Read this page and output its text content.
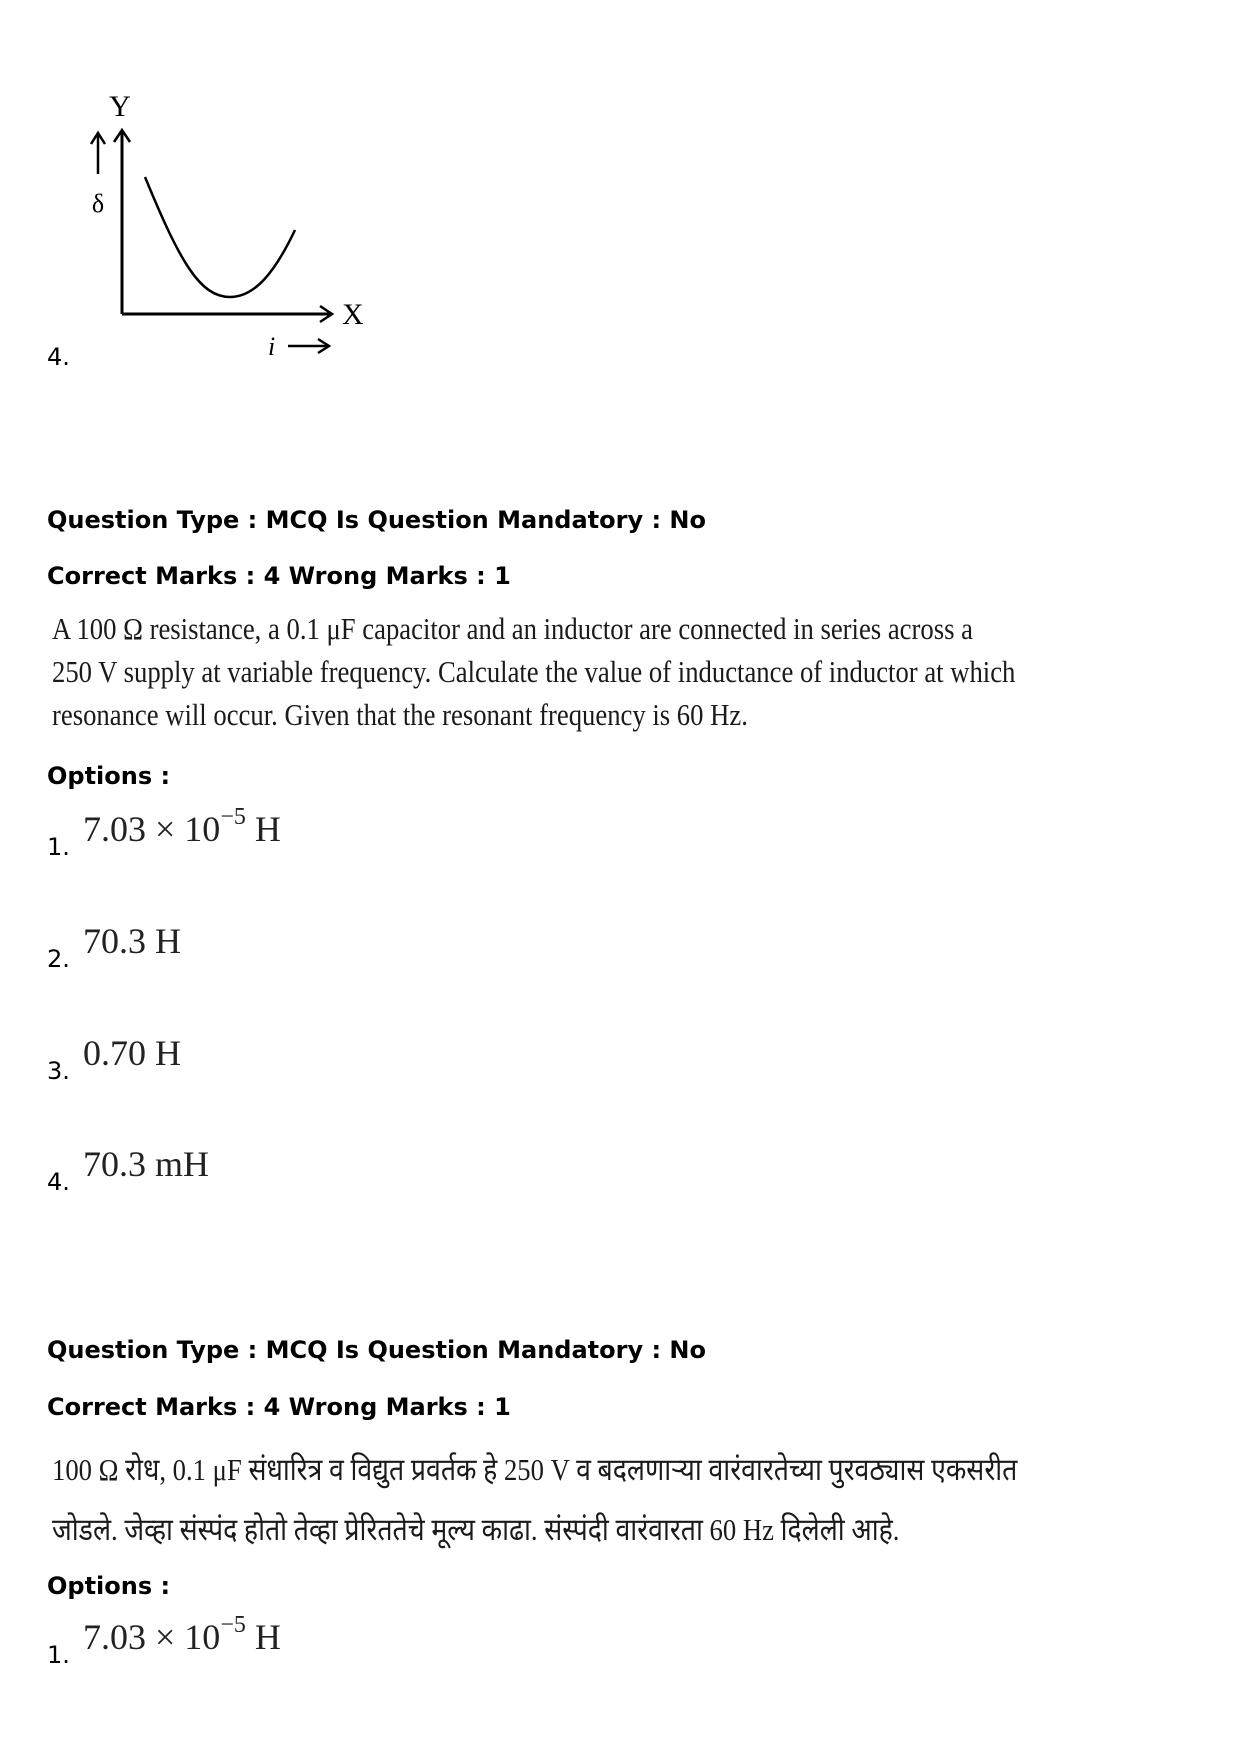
4.
Y
X
δ
i
Question Type : MCQ Is Question Mandatory : No
Correct Marks : 4 Wrong Marks : 1
A 100 Ω resistance, a 0.1 μF capacitor and an inductor are connected in series across a
250 V supply at variable frequency. Calculate the value of inductance of inductor at which
resonance will occur. Given that the resonant frequency is 60 Hz.
Options :
1. $7.03 \times 10^{-5}$ H
2. 70.3 H
3. 0.70 H
4. 70.3 mH
Question Type : MCQ Is Question Mandatory : No
Correct Marks : 4 Wrong Marks : 1
100 Ω रोध, 0.1 μF संधारित्र व विद्युत प्रवर्तक हे 250 V व बदलणाऱ्या वारंवारतेच्या पुरवठ्यास एकसरीत
जोडले. जेव्हा संस्पंद होतो तेव्हा प्रेरिततेचे मूल्य काढा. संस्पंदी वारंवारता 60 Hz दिलेली आहे.
Options :
1. $7.03 \times 10^{-5}$ H
